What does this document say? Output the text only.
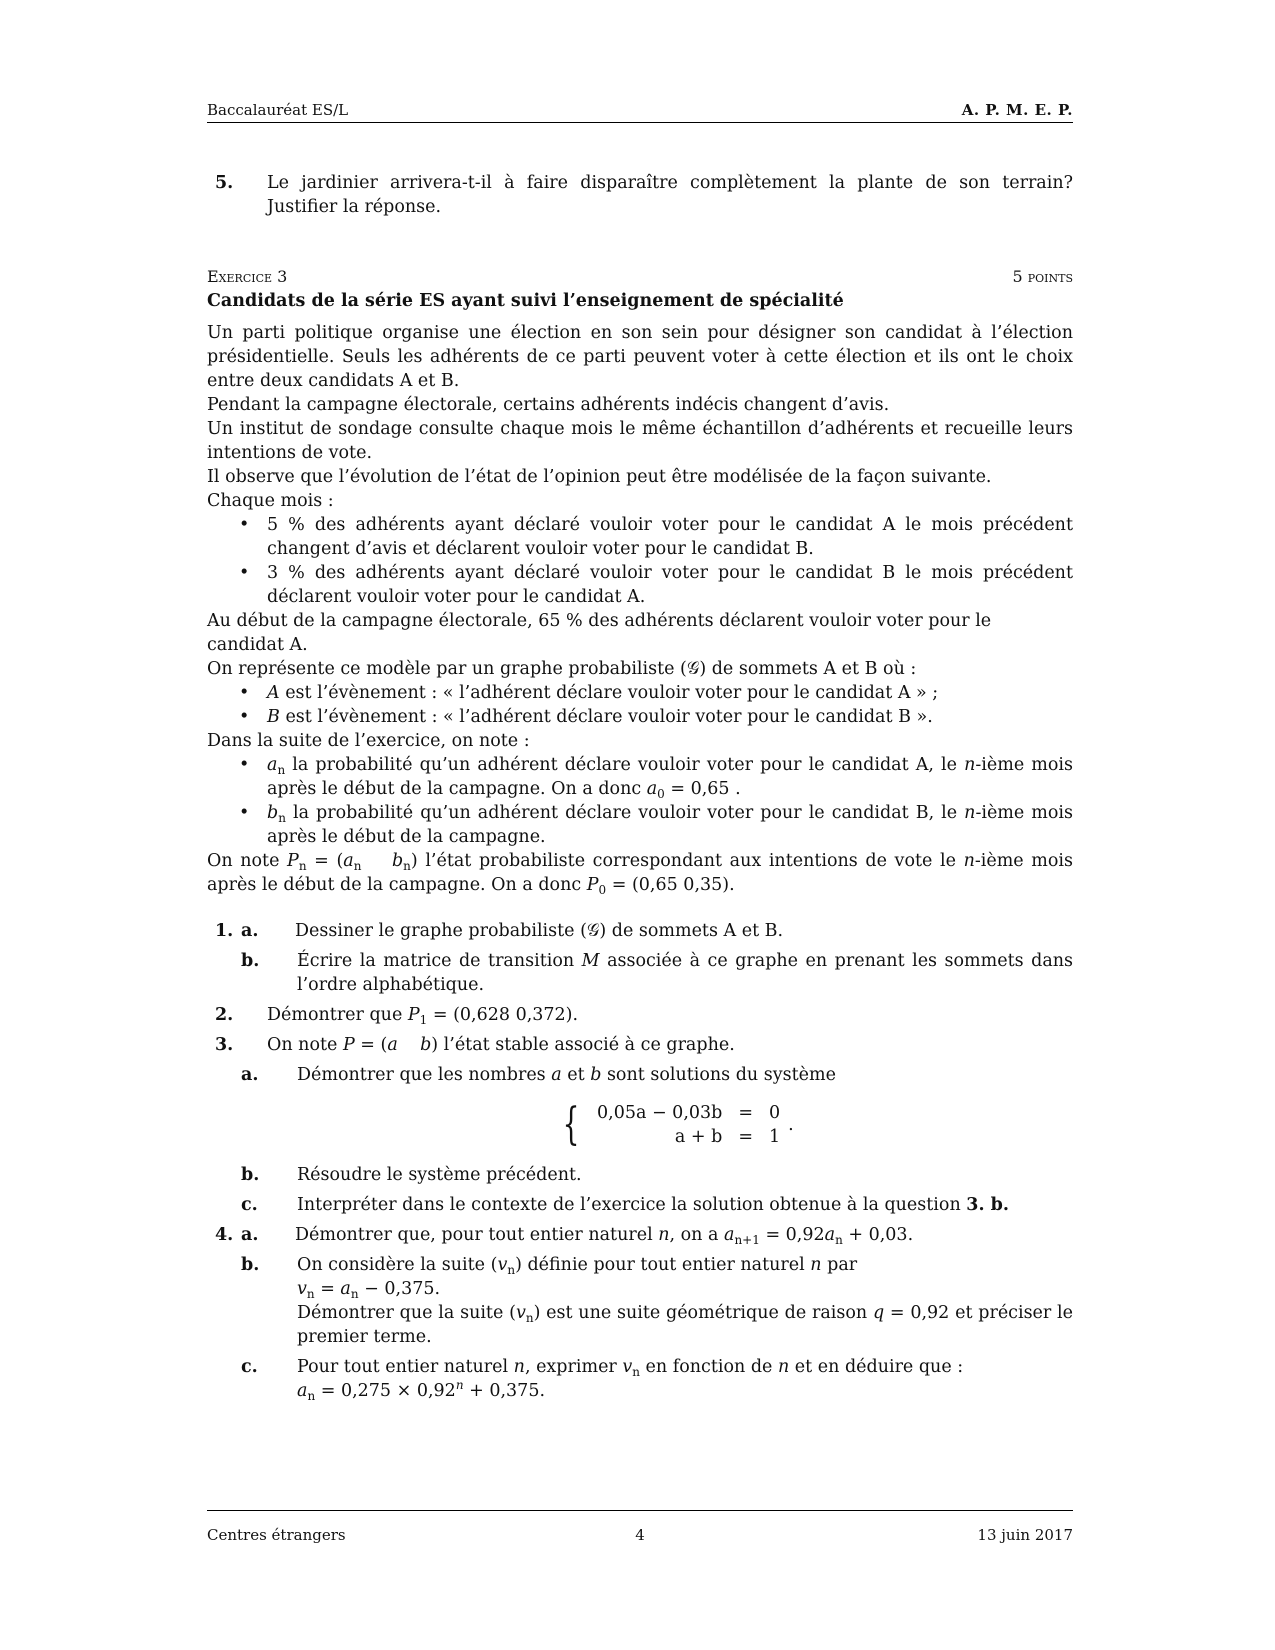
Baccalauréat ES/L	A. P. M. E. P.
5. Le jardinier arrivera-t-il à faire disparaître complètement la plante de son terrain? Justifier la réponse.
Exercice 3	5 points
Candidats de la série ES ayant suivi l’enseignement de spécialité
Un parti politique organise une élection en son sein pour désigner son candidat à l’élection présidentielle. Seuls les adhérents de ce parti peuvent voter à cette élection et ils ont le choix entre deux candidats A et B.
Pendant la campagne électorale, certains adhérents indécis changent d’avis.
Un institut de sondage consulte chaque mois le même échantillon d’adhérents et recueille leurs intentions de vote.
Il observe que l’évolution de l’état de l’opinion peut être modélisée de la façon suivante.
Chaque mois :
• 5 % des adhérents ayant déclaré vouloir voter pour le candidat A le mois précédent changent d’avis et déclarent vouloir voter pour le candidat B.
• 3 % des adhérents ayant déclaré vouloir voter pour le candidat B le mois précédent déclarent vouloir voter pour le candidat A.
Au début de la campagne électorale, 65 % des adhérents déclarent vouloir voter pour le candidat A.
On représente ce modèle par un graphe probabiliste (𝒢) de sommets A et B où :
• A est l’évènement : « l’adhérent déclare vouloir voter pour le candidat A » ;
• B est l’évènement : « l’adhérent déclare vouloir voter pour le candidat B ».
Dans la suite de l’exercice, on note :
• $a_n$ la probabilité qu’un adhérent déclare vouloir voter pour le candidat A, le n-ième mois après le début de la campagne. On a donc $a_0 = 0,65$ .
• $b_n$ la probabilité qu’un adhérent déclare vouloir voter pour le candidat B, le n-ième mois après le début de la campagne.
On note $P_n = (a_n$ $b_n$) l’état probabiliste correspondant aux intentions de vote le n-ième mois après le début de la campagne. On a donc $P_0 = (0,65$ 0,35).
1. a. Dessiner le graphe probabiliste (𝒢) de sommets A et B.
b. Écrire la matrice de transition M associée à ce graphe en prenant les sommets dans l’ordre alphabétique.
2. Démontrer que $P_1 = (0,628$ 0,372).
3. On note P = (a b) l’état stable associé à ce graphe.
a. Démontrer que les nombres a et b sont solutions du système
{ 0,05a − 0,03b	=	0
a + b	=	1
.
b. Résoudre le système précédent.
c. Interpréter dans le contexte de l’exercice la solution obtenue à la question 3. b.
4. a. Démontrer que, pour tout entier naturel n, on a $a_{n+1} = 0,92a_n + 0,03$.
b. On considère la suite $(v_n)$ définie pour tout entier naturel n par
$v_n = a_n - 0,375$.
Démontrer que la suite $(v_n)$ est une suite géométrique de raison q = 0,92 et préciser le premier terme.
c. Pour tout entier naturel n, exprimer $v_n$ en fonction de n et en déduire que :
$a_n = 0,275 \times 0,92^n + 0,375$.
Centres étrangers	4	13 juin 2017
